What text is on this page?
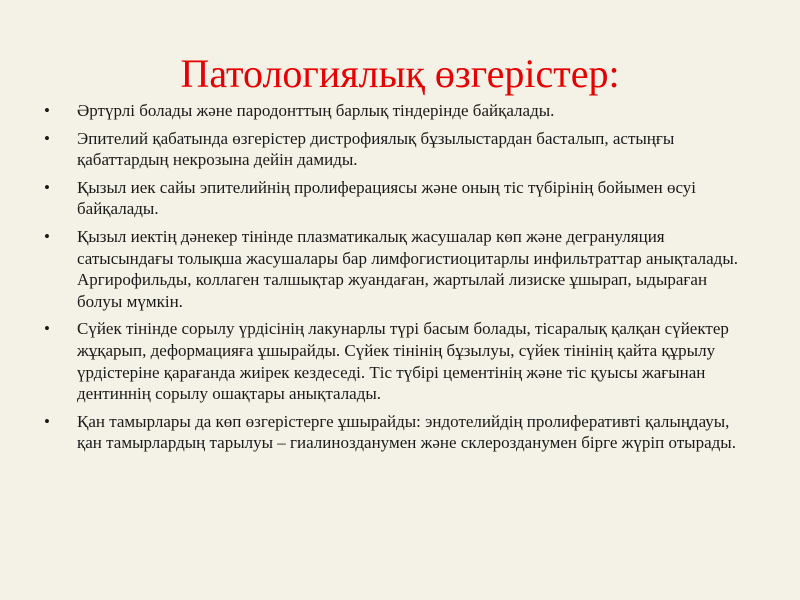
Патологиялық өзгерістер:
• Әртүрлі болады және пародонттың барлық тіндерінде байқалады.
• Эпителий қабатында өзгерістер дистрофиялық бұзылыстардан басталып, астыңғы қабаттардың некрозына дейін дамиды.
• Қызыл иек сайы эпителийнің пролиферациясы және оның тіс түбірінің бойымен өсуі байқалады.
• Қызыл иектің дәнекер тінінде плазматикалық жасушалар көп және дегрануляция сатысындағы толықша жасушалары бар лимфогистиоцитарлы инфильтраттар анықталады. Аргирофильды, коллаген талшықтар жуандаған, жартылай лизиске ұшырап, ыдыраған болуы мүмкін.
• Сүйек тінінде сорылу үрдісінің лакунарлы түрі басым болады, тісаралық қалқан сүйектер жұқарып, деформацияға ұшырайды. Сүйек тінінің бұзылуы, сүйек тінінің қайта құрылу үрдістеріне қарағанда жиірек кездеседі. Тіс түбірі цементінің және тіс қуысы жағынан дентиннің сорылу ошақтары анықталады.
• Қан тамырлары да көп өзгерістерге ұшырайды: эндотелийдің пролиферативті қалыңдауы, қан тамырлардың тарылуы – гиалинозданумен және склерозданумен бірге жүріп отырады.
